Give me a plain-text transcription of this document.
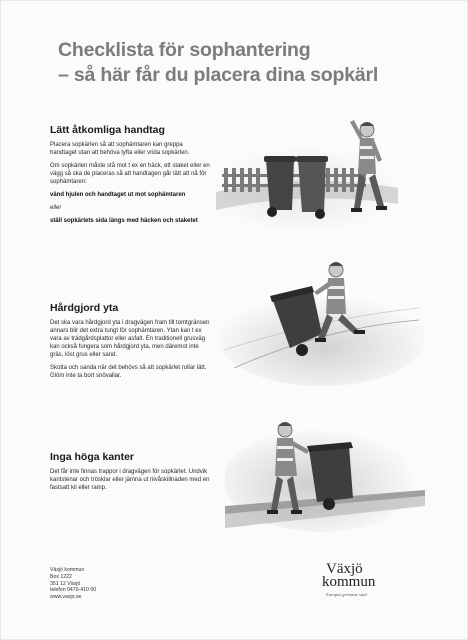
Checklista för sophantering
– så här får du placera dina sopkärl
Lätt åtkomliga handtag

Placera sopkärlen så att sophämtaren kan greppa handtaget utan att behöva lyfta eller vrida sopkärlen.

Om sopkärlen måste stå mot t ex en häck, ett staket eller en vägg så ska de placeras så att handtagen går lätt att nå för sophämtaren:

vänd hjulen och handtaget ut mot sophämtaren

eller

ställ sopkärlets sida längs med häcken och staketet

Hårdgjord yta

Det ska vara hårdgjord yta i dragvägen fram till tomtgränsen annars blir det extra tungt för sophämtaren. Ytan kan t ex vara av trädgårdsplattor eller asfalt. En traditionell grusväg kan också fungera som hårdgjord yta, men däremot inte gräs, löst grus eller sand.

Skotta och sanda när det behövs så att sopkärlet rullar lätt. Glöm inte ta bort snövallar.

Inga höga kanter

Det får inte finnas trappor i dragvägen för sopkärlet. Undvik kantstenar och trösklar eller jämna ut nivåskillnaden med en fastsatt kil eller ramp.

Växjö kommun
Box 1222
351 12 Växjö
telefon 0470-410 00
www.vaxjo.se
Växjö
kommun
Europas grönaste stad
